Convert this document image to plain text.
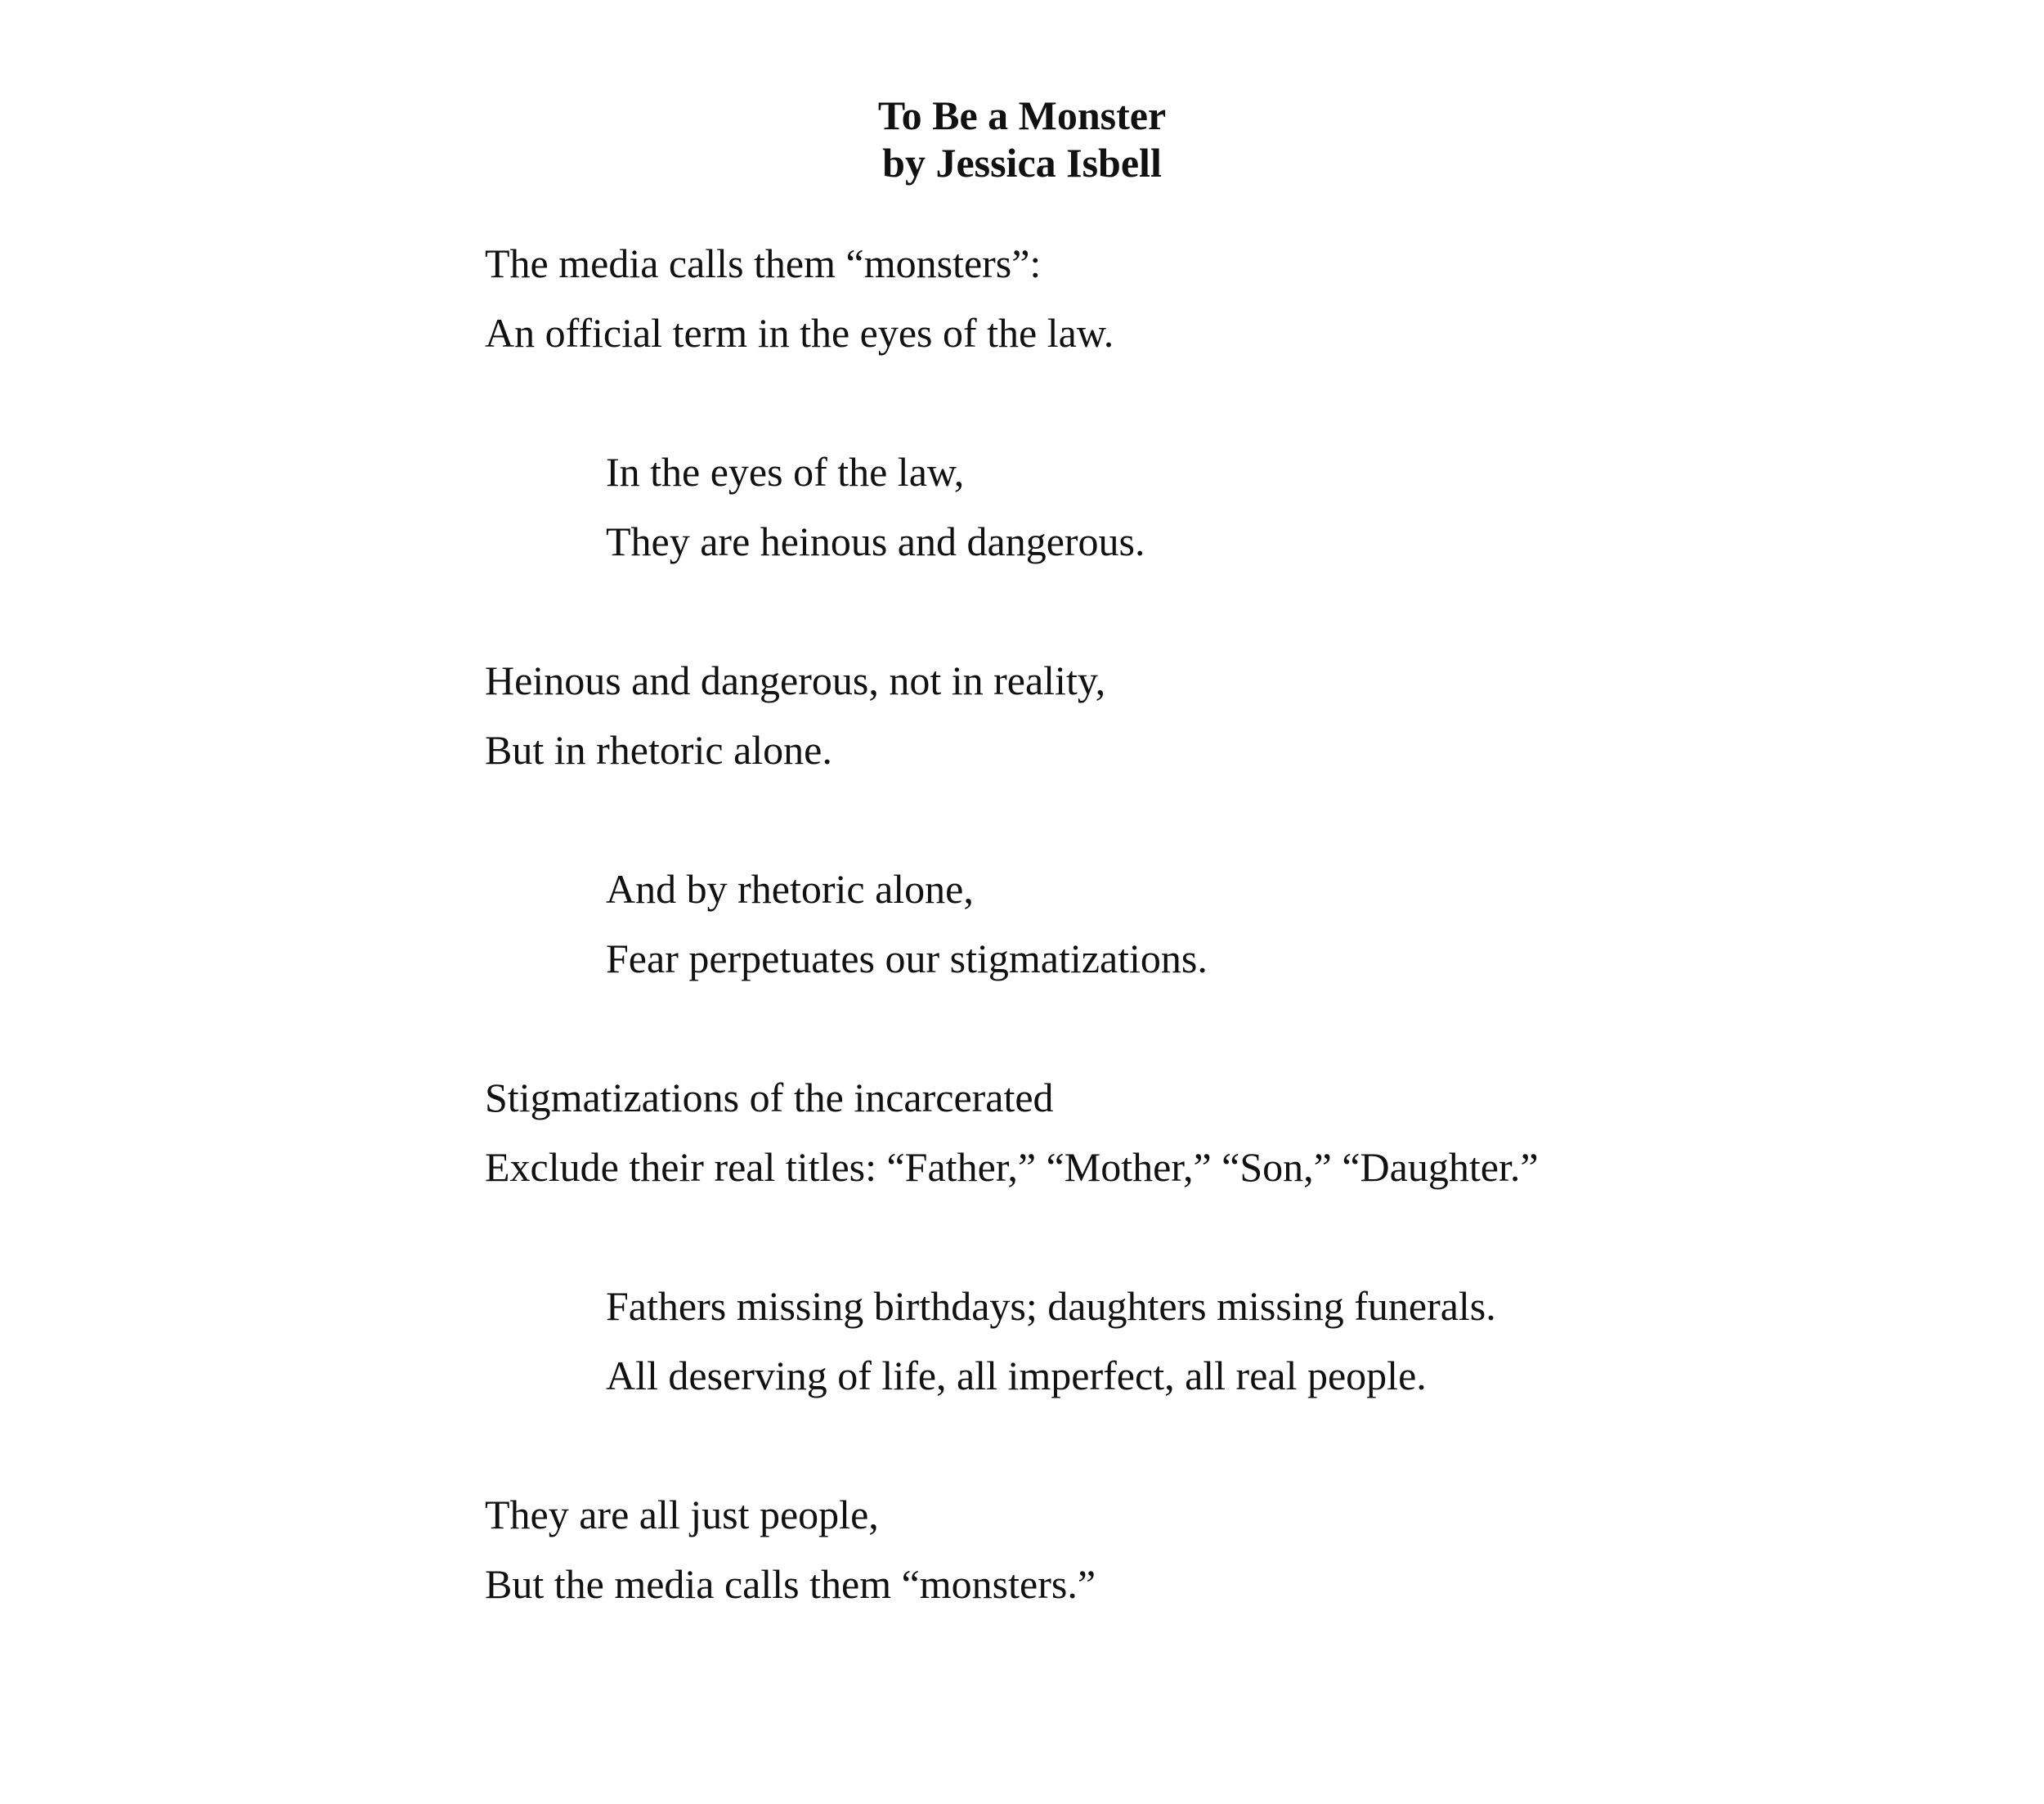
To Be a Monster
by Jessica Isbell
The media calls them “monsters”:
An official term in the eyes of the law.
In the eyes of the law,
They are heinous and dangerous.
Heinous and dangerous, not in reality,
But in rhetoric alone.
And by rhetoric alone,
Fear perpetuates our stigmatizations.
Stigmatizations of the incarcerated
Exclude their real titles: “Father,” “Mother,” “Son,” “Daughter.”
Fathers missing birthdays; daughters missing funerals.
All deserving of life, all imperfect, all real people.
They are all just people,
But the media calls them “monsters.”
